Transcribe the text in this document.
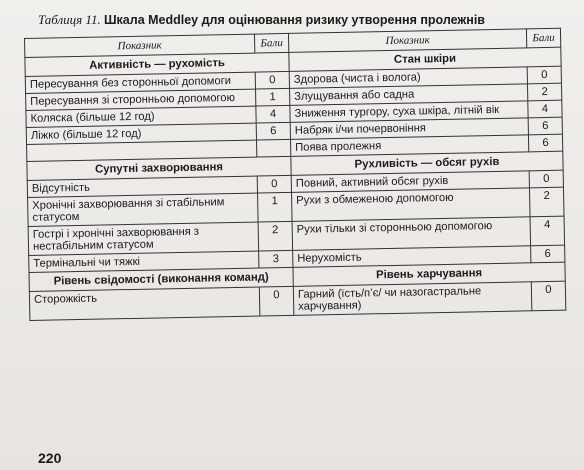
Таблиця 11. Шкала Meddley для оцінювання ризику утворення пролежнів
Показник	Бали	Показник	Бали
Активність — рухомість		Стан шкіри	
Пересування без сторонньої допомоги	0	Здорова (чиста і волога)	0
Пересування зі сторонньою допомогою	1	Злущування або садна	2
Коляска (більше 12 год)	4	Зниження тургору, суха шкіра, літній вік	4
Ліжко (більше 12 год)	6	Набряк і/чи почервоніння	6
		Поява пролежня	6
Супутні захворювання		Рухливість — обсяг рухів	
Відсутність	0	Повний, активний обсяг рухів	0
Хронічні захворювання зі стабільним статусом	1	Рухи з обмеженою допомогою	2
Гострі і хронічні захворювання з нестабільним статусом	2	Рухи тільки зі сторонньою допомогою	4
Термінальні чи тяжкі	3	Нерухомість	6
Рівень свідомості (виконання команд)		Рівень харчування	
Сторожкість	0	Гарний (їсть/п’є/ чи назогастральне харчування)	0
220
